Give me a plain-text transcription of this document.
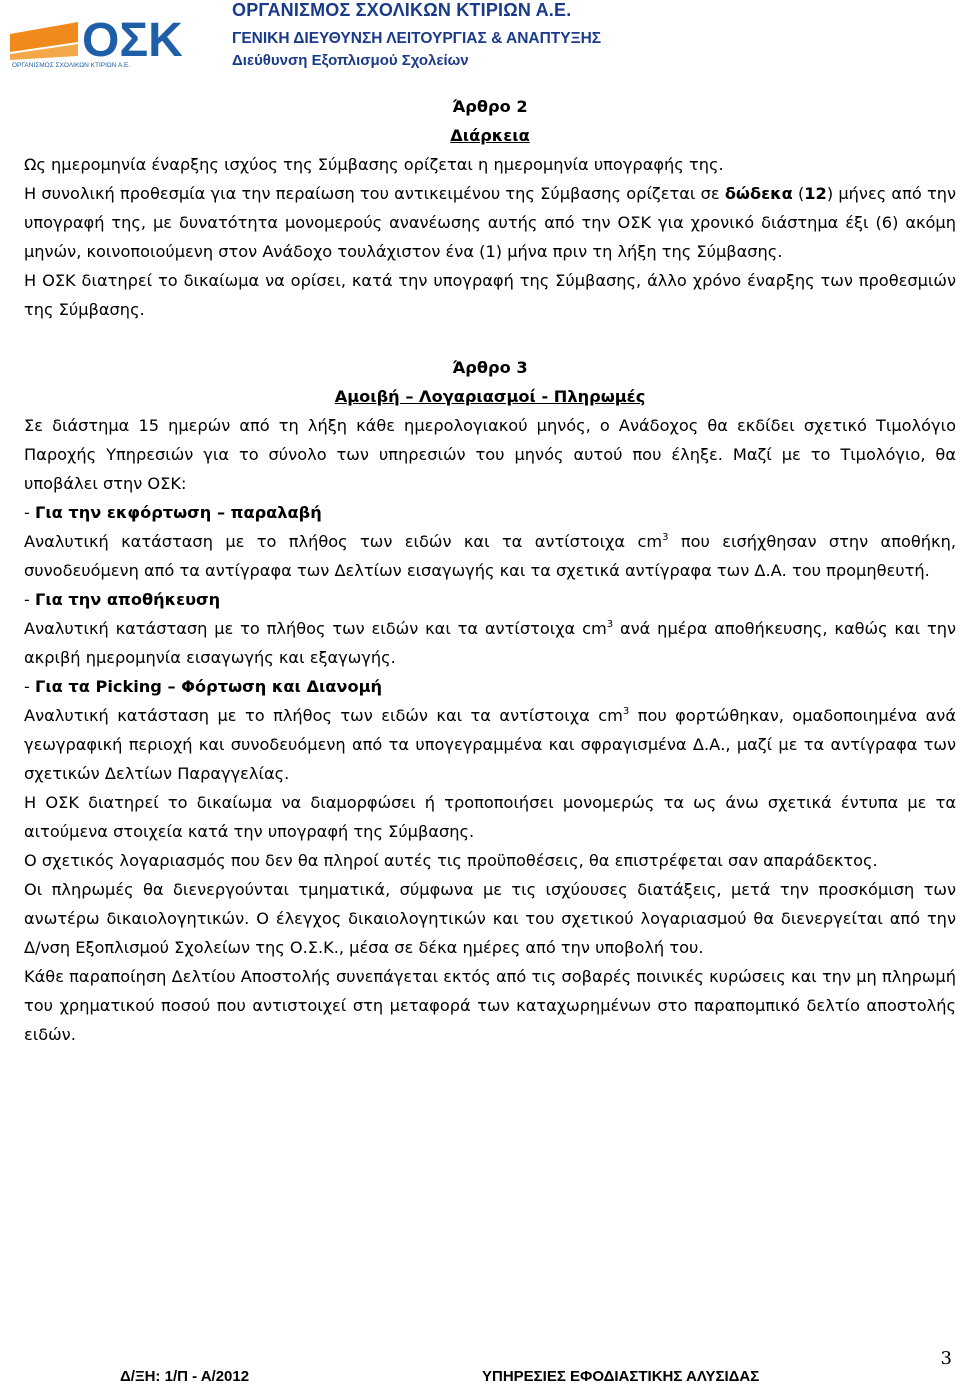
ΟΣΚ
ΟΡΓΑΝΙΣΜΟΣ ΣΧΟΛΙΚΩΝ ΚΤΙΡΙΩΝ Α.Ε.
ΟΡΓΑΝΙΣΜΟΣ ΣΧΟΛΙΚΩΝ ΚΤΙΡΙΩΝ Α.Ε.
ΓΕΝΙΚΗ ΔΙΕΥΘΥΝΣΗ ΛΕΙΤΟΥΡΓΙΑΣ & ΑΝΑΠΤΥΞΗΣ
Διεύθυνση Εξοπλισμού Σχολείων

Άρθρο 2

Διάρκεια

Ως ημερομηνία έναρξης ισχύος της Σύμβασης ορίζεται η ημερομηνία υπογραφής της.

Η συνολική προθεσμία για την περαίωση του αντικειμένου της Σύμβασης ορίζεται σε δώδεκα (12) μήνες από την υπογραφή της, με δυνατότητα μονομερούς ανανέωσης αυτής από την ΟΣΚ για χρονικό διάστημα έξι (6) ακόμη μηνών, κοινοποιούμενη στον Ανάδοχο τουλάχιστον ένα (1) μήνα πριν τη λήξη της Σύμβασης.

Η ΟΣΚ διατηρεί το δικαίωμα να ορίσει, κατά την υπογραφή της Σύμβασης, άλλο χρόνο έναρξης των προθεσμιών της Σύμβασης.

Άρθρο 3

Αμοιβή – Λογαριασμοί - Πληρωμές

Σε διάστημα 15 ημερών από τη λήξη κάθε ημερολογιακού μηνός, ο Ανάδοχος θα εκδίδει σχετικό Τιμολόγιο Παροχής Υπηρεσιών για το σύνολο των υπηρεσιών του μηνός αυτού που έληξε. Μαζί με το Τιμολόγιο, θα υποβάλει στην ΟΣΚ:

- Για την εκφόρτωση – παραλαβή

Αναλυτική κατάσταση με το πλήθος των ειδών και τα αντίστοιχα $cm^3$ που εισήχθησαν στην αποθήκη, συνοδευόμενη από τα αντίγραφα των Δελτίων εισαγωγής και τα σχετικά αντίγραφα των Δ.Α. του προμηθευτή.

- Για την αποθήκευση

Αναλυτική κατάσταση με το πλήθος των ειδών και τα αντίστοιχα $cm^3$ ανά ημέρα αποθήκευσης, καθώς και την ακριβή ημερομηνία εισαγωγής και εξαγωγής.

- Για τα Picking – Φόρτωση και Διανομή

Αναλυτική κατάσταση με το πλήθος των ειδών και τα αντίστοιχα $cm^3$ που φορτώθηκαν, ομαδοποιημένα ανά γεωγραφική περιοχή και συνοδευόμενη από τα υπογεγραμμένα και σφραγισμένα Δ.Α., μαζί με τα αντίγραφα των σχετικών Δελτίων Παραγγελίας.

Η ΟΣΚ διατηρεί το δικαίωμα να διαμορφώσει ή τροποποιήσει μονομερώς τα ως άνω σχετικά έντυπα με τα αιτούμενα στοιχεία κατά την υπογραφή της Σύμβασης.

Ο σχετικός λογαριασμός που δεν θα πληροί αυτές τις προϋποθέσεις, θα επιστρέφεται σαν απαράδεκτος.

Οι πληρωμές θα διενεργούνται τμηματικά, σύμφωνα με τις ισχύουσες διατάξεις, μετά την προσκόμιση των ανωτέρω δικαιολογητικών. Ο έλεγχος δικαιολογητικών και του σχετικού λογαριασμού θα διενεργείται από την Δ/νση Εξοπλισμού Σχολείων της Ο.Σ.Κ., μέσα σε δέκα ημέρες από την υποβολή του.

Κάθε παραποίηση Δελτίου Αποστολής συνεπάγεται εκτός από τις σοβαρές ποινικές κυρώσεις και την μη πληρωμή του χρηματικού ποσού που αντιστοιχεί στη μεταφορά των καταχωρημένων στο παραπομπικό δελτίο αποστολής ειδών.

3
Δ/ΞΗ: 1/Π - Α/2012	ΥΠΗΡΕΣΙΕΣ ΕΦΟΔΙΑΣΤΙΚΗΣ ΑΛΥΣΙΔΑΣ
